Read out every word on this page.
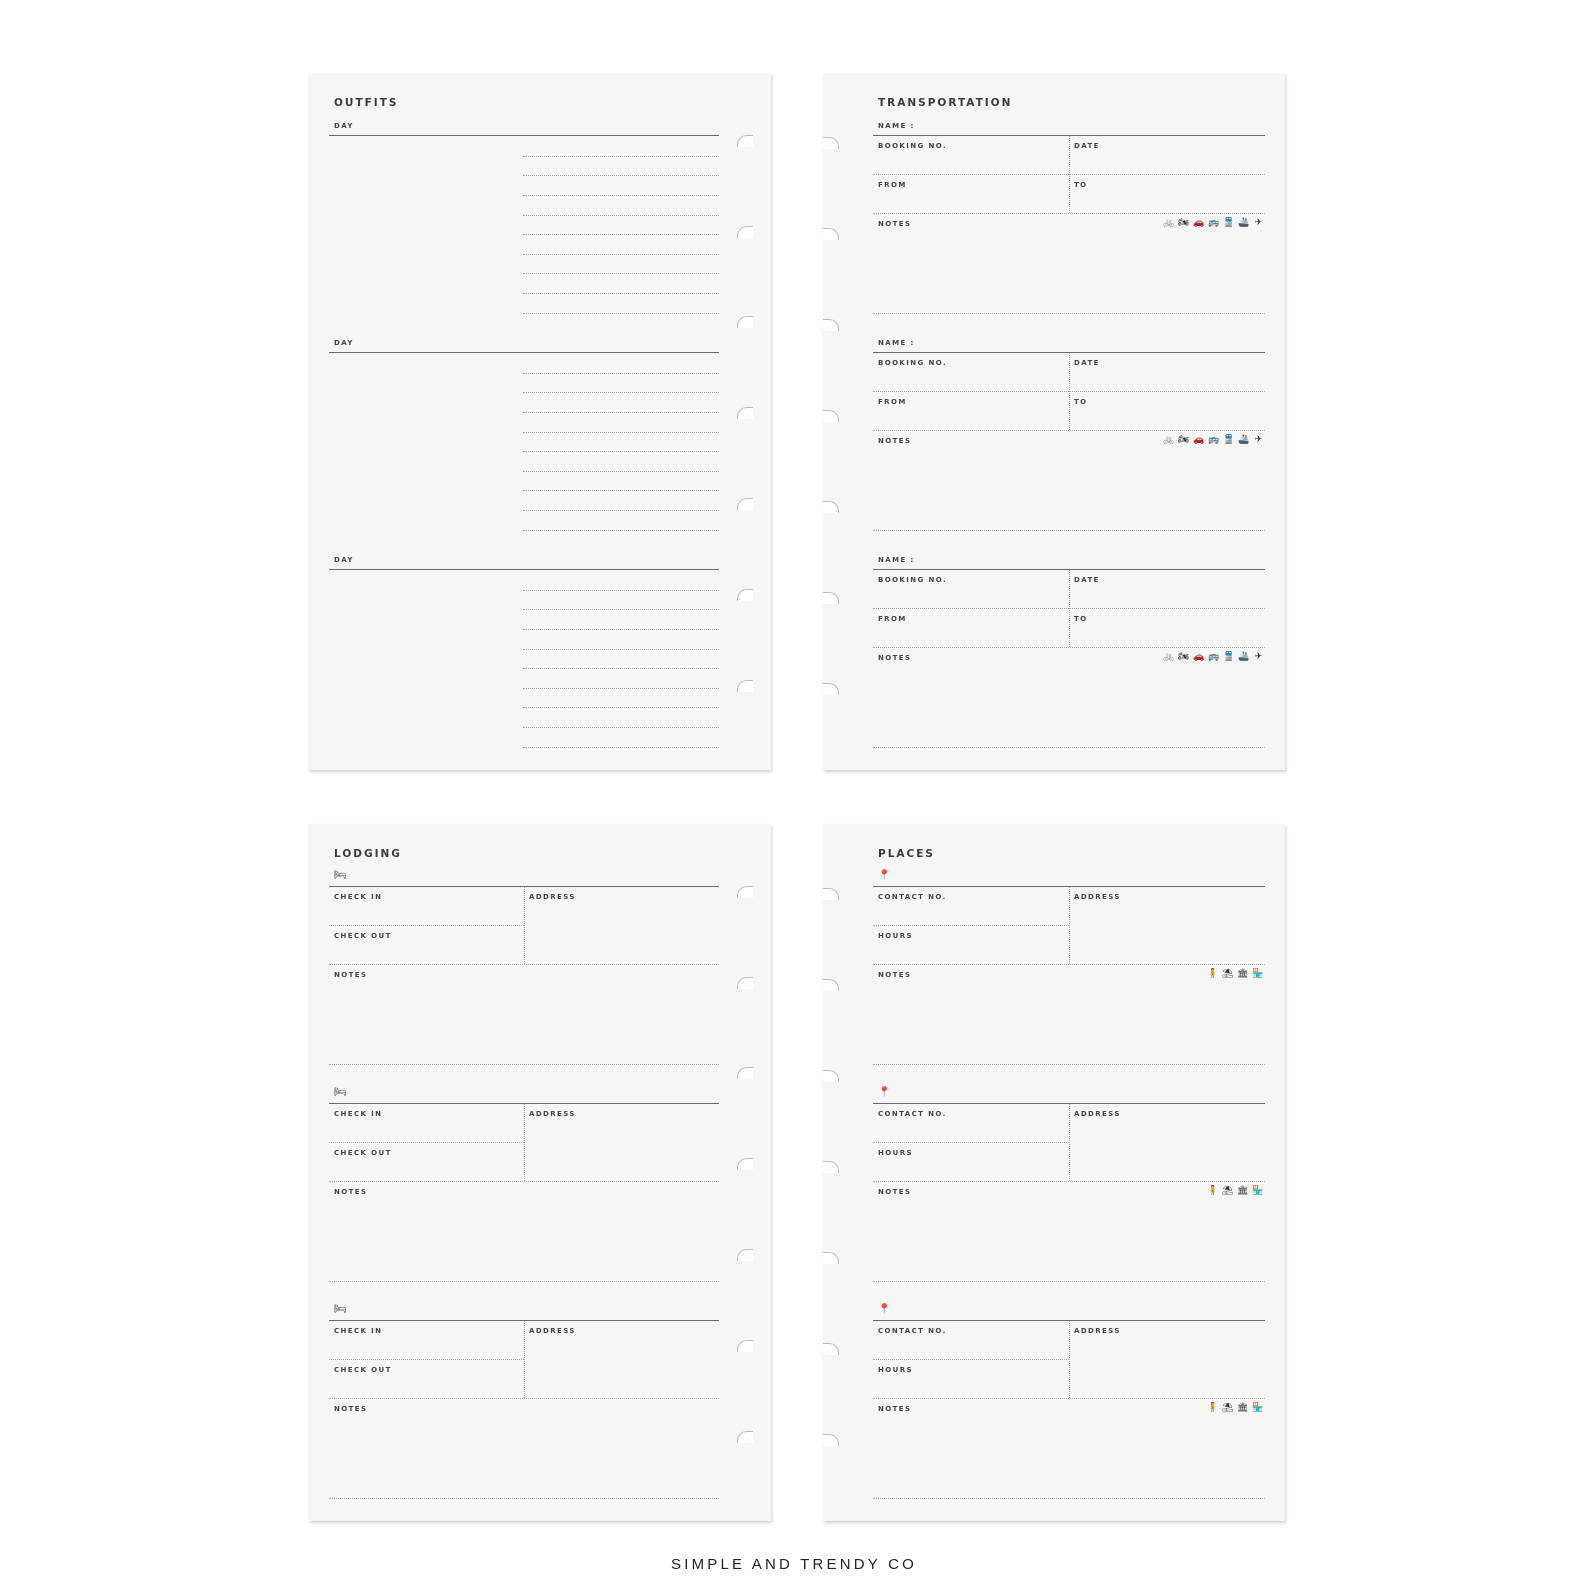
OUTFITS
DAY
DAY
DAY
TRANSPORTATION
NAME :
BOOKING NO.	DATE
FROM	TO
NOTES	🚲 🏍 🚗 🚌 🚆 🚢 ✈
NAME :
BOOKING NO.	DATE
FROM	TO
NOTES	🚲 🏍 🚗 🚌 🚆 🚢 ✈
NAME :
BOOKING NO.	DATE
FROM	TO
NOTES	🚲 🏍 🚗 🚌 🚆 🚢 ✈
LODGING
🛏
CHECK IN	ADDRESS
CHECK OUT
NOTES
🛏
CHECK IN	ADDRESS
CHECK OUT
NOTES
🛏
CHECK IN	ADDRESS
CHECK OUT
NOTES
PLACES
📍
CONTACT NO.	ADDRESS
HOURS
NOTES	🧍 ⛱ 🏛 🏪
📍
CONTACT NO.	ADDRESS
HOURS
NOTES	🧍 ⛱ 🏛 🏪
📍
CONTACT NO.	ADDRESS
HOURS
NOTES	🧍 ⛱ 🏛 🏪
SIMPLE AND TRENDY CO
